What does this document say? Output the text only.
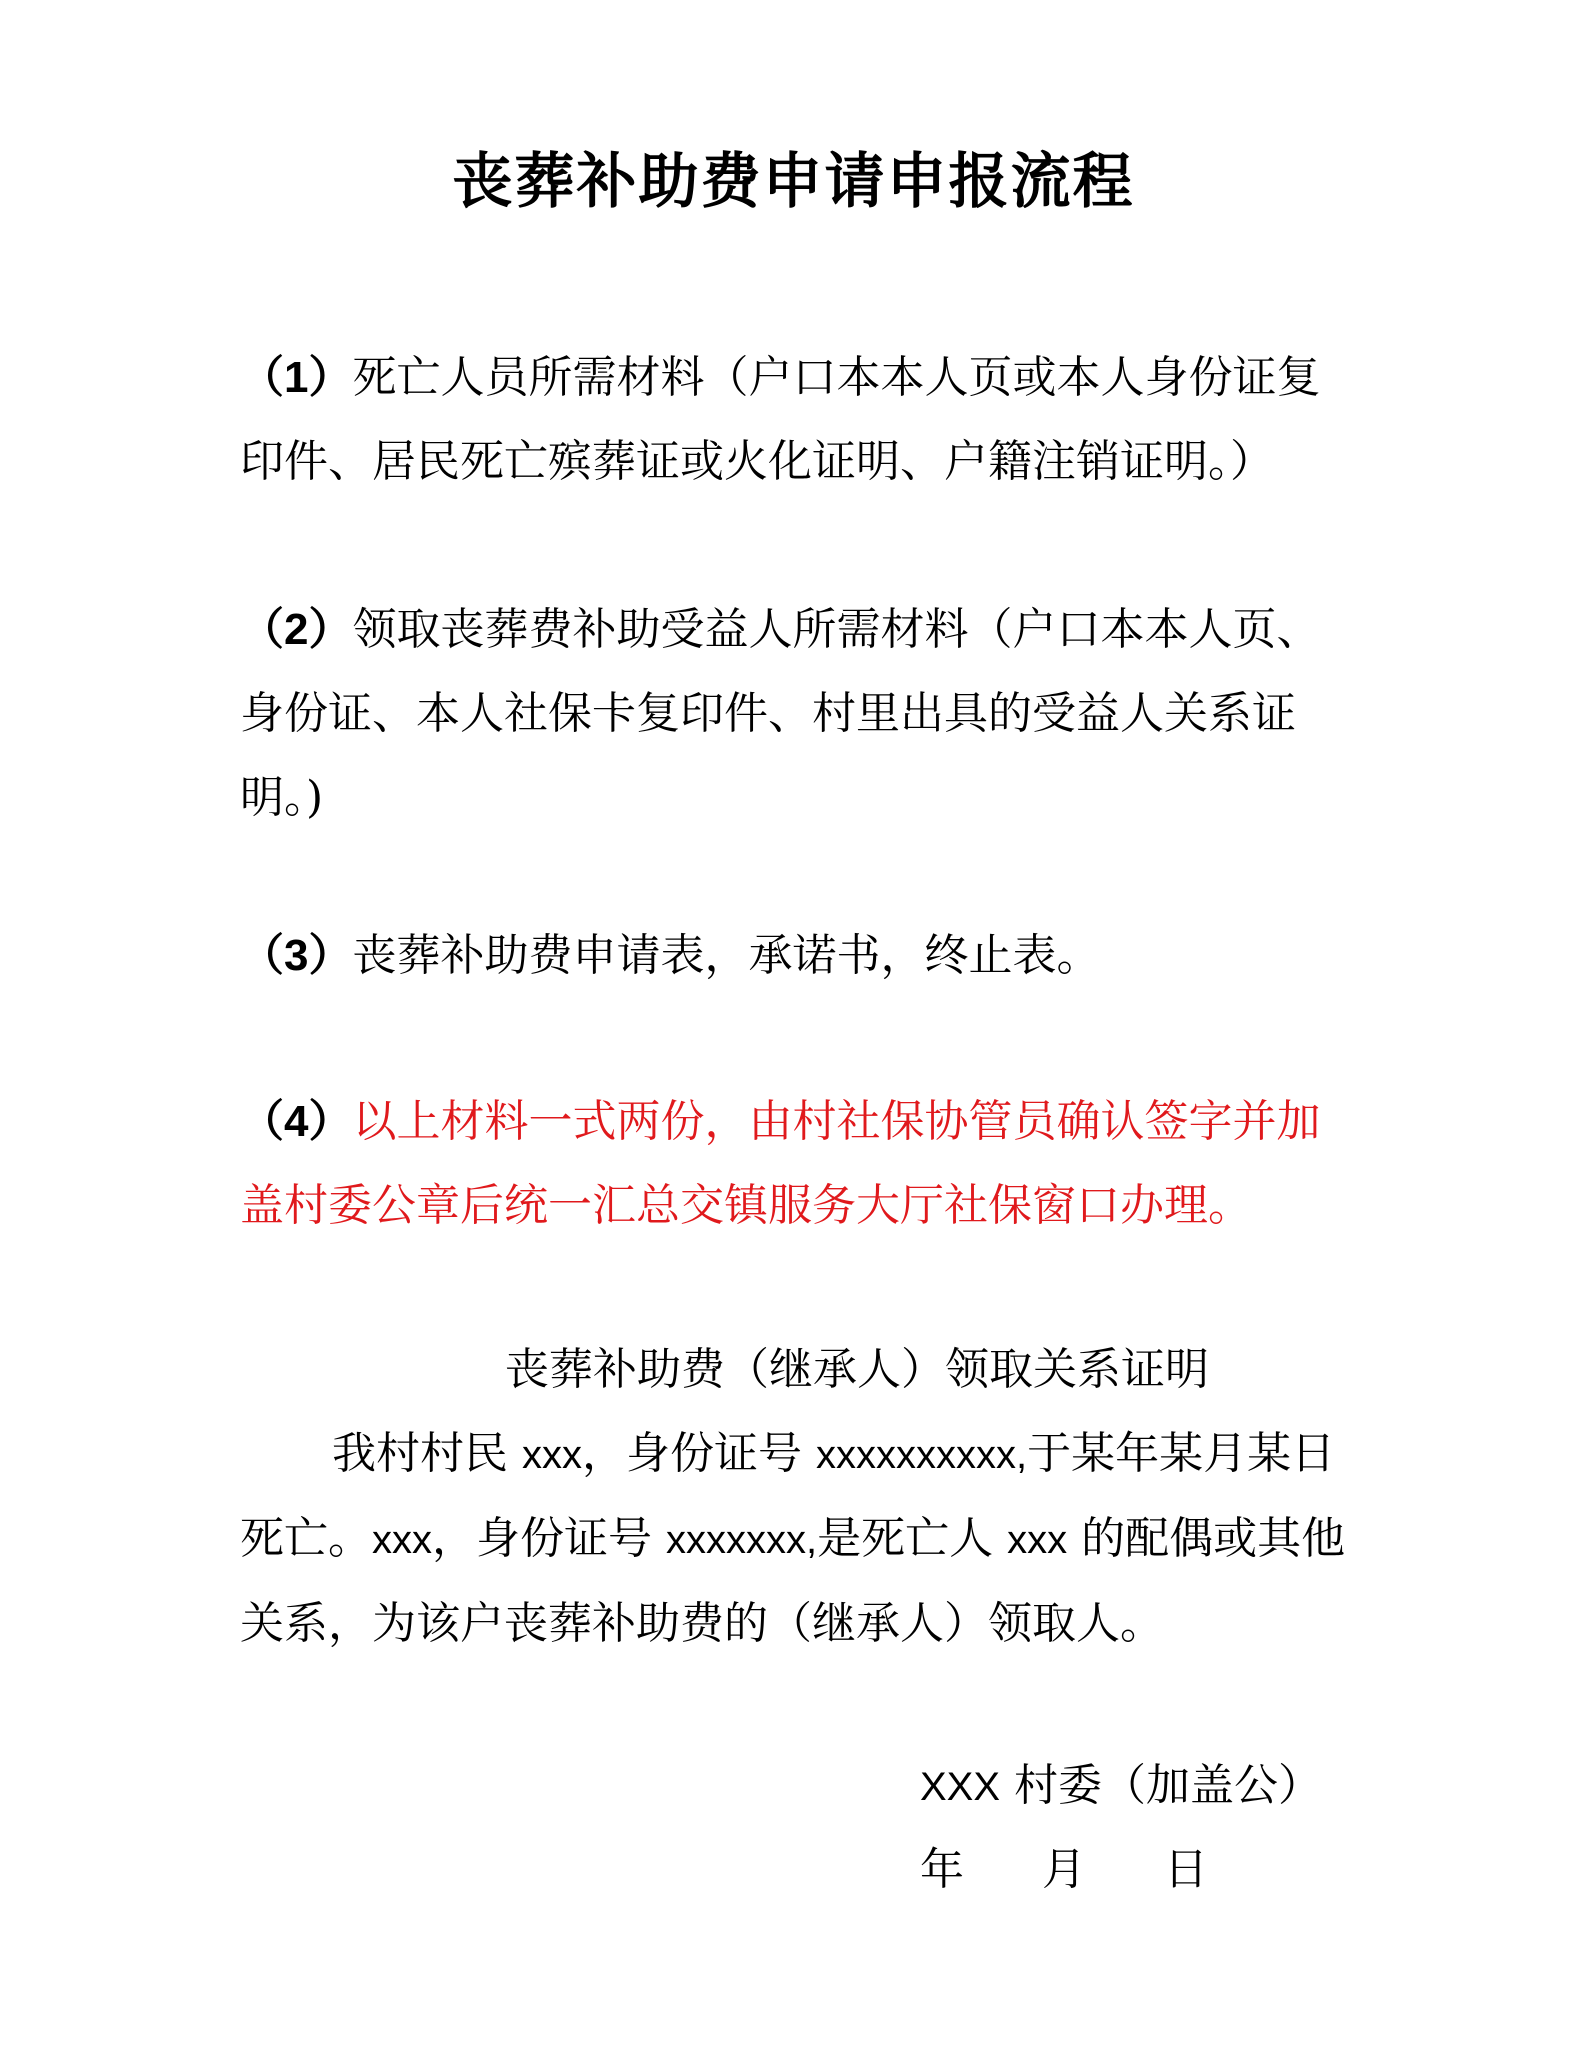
丧葬补助费申请申报流程

（1）死亡人员所需材料（户口本本人页或本人身份证复印件、居民死亡殡葬证或火化证明、户籍注销证明。）

（2）领取丧葬费补助受益人所需材料（户口本本人页、身份证、本人社保卡复印件、村里出具的受益人关系证明。)

（3）丧葬补助费申请表，承诺书，终止表。

（4）以上材料一式两份，由村社保协管员确认签字并加盖村委公章后统一汇总交镇服务大厅社保窗口办理。

丧葬补助费（继承人）领取关系证明

我村村民 xxx，身份证号 xxxxxxxxxx,于某年某月某日死亡。xxx，身份证号 xxxxxxx,是死亡人 xxx 的配偶或其他关系，为该户丧葬补助费的（继承人）领取人。

XXX 村委（加盖公）
年 月 日
